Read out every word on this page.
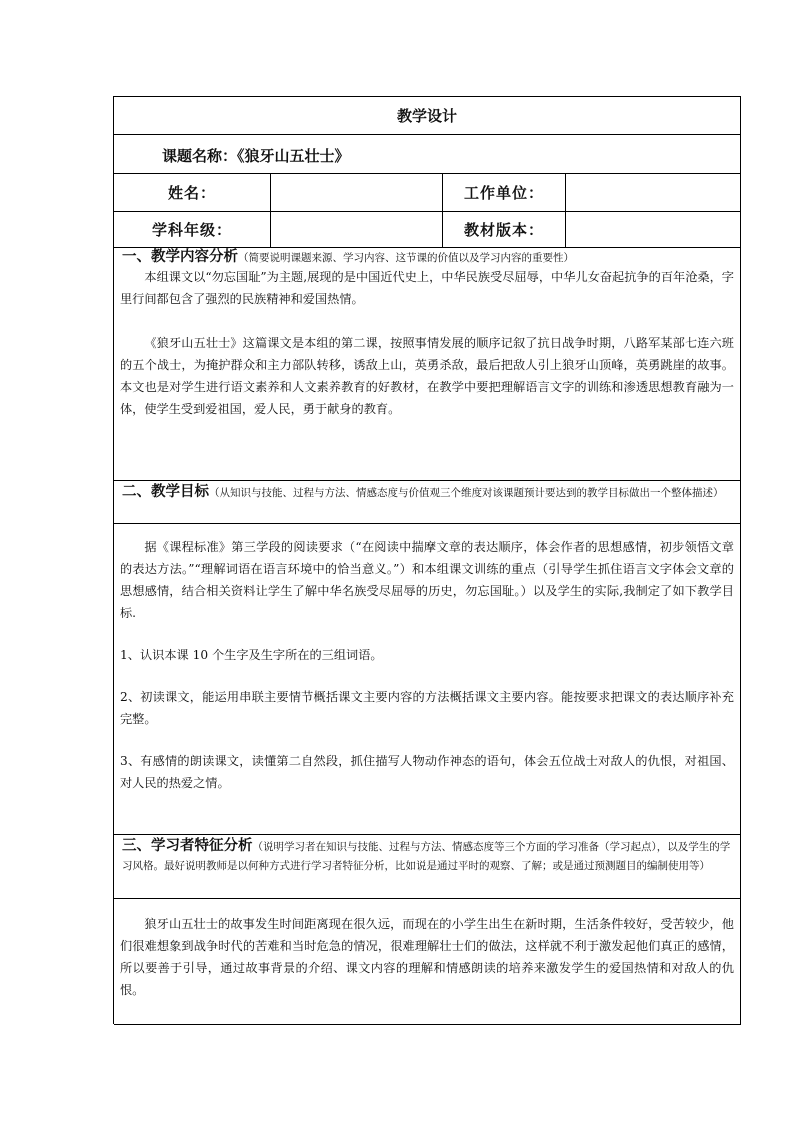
教学设计
课题名称：《狼牙山五壮士》
姓名：	工作单位：
学科年级：	教材版本：
一、教学内容分析（简要说明课题来源、学习内容、这节课的价值以及学习内容的重要性）

本组课文以“勿忘国耻”为主题,展现的是中国近代史上，中华民族受尽屈辱，中华儿女奋起抗争的百年沧桑，字里行间都包含了强烈的民族精神和爱国热情。

《狼牙山五壮士》这篇课文是本组的第二课，按照事情发展的顺序记叙了抗日战争时期，八路军某部七连六班的五个战士，为掩护群众和主力部队转移，诱敌上山，英勇杀敌，最后把敌人引上狼牙山顶峰，英勇跳崖的故事。本文也是对学生进行语文素养和人文素养教育的好教材，在教学中要把理解语言文字的训练和渗透思想教育融为一体，使学生受到爱祖国，爱人民，勇于献身的教育。

二、教学目标（从知识与技能、过程与方法、情感态度与价值观三个维度对该课题预计要达到的教学目标做出一个整体描述）

据《课程标准》第三学段的阅读要求（“在阅读中揣摩文章的表达顺序，体会作者的思想感情，初步领悟文章的表达方法。”“理解词语在语言环境中的恰当意义。”）和本组课文训练的重点（引导学生抓住语言文字体会文章的思想感情，结合相关资料让学生了解中华名族受尽屈辱的历史，勿忘国耻。）以及学生的实际,我制定了如下教学目标.

1、认识本课 10 个生字及生字所在的三组词语。

2、初读课文，能运用串联主要情节概括课文主要内容的方法概括课文主要内容。能按要求把课文的表达顺序补充完整。

3、有感情的朗读课文，读懂第二自然段，抓住描写人物动作神态的语句，体会五位战士对敌人的仇恨，对祖国、对人民的热爱之情。

三、学习者特征分析（说明学习者在知识与技能、过程与方法、情感态度等三个方面的学习准备（学习起点），以及学生的学习风格。最好说明教师是以何种方式进行学习者特征分析，比如说是通过平时的观察、了解；或是通过预测题目的编制使用等）

狼牙山五壮士的故事发生时间距离现在很久远，而现在的小学生出生在新时期，生活条件较好，受苦较少，他们很难想象到战争时代的苦难和当时危急的情况，很难理解壮士们的做法，这样就不利于激发起他们真正的感情，所以要善于引导，通过故事背景的介绍、课文内容的理解和情感朗读的培养来激发学生的爱国热情和对敌人的仇恨。
